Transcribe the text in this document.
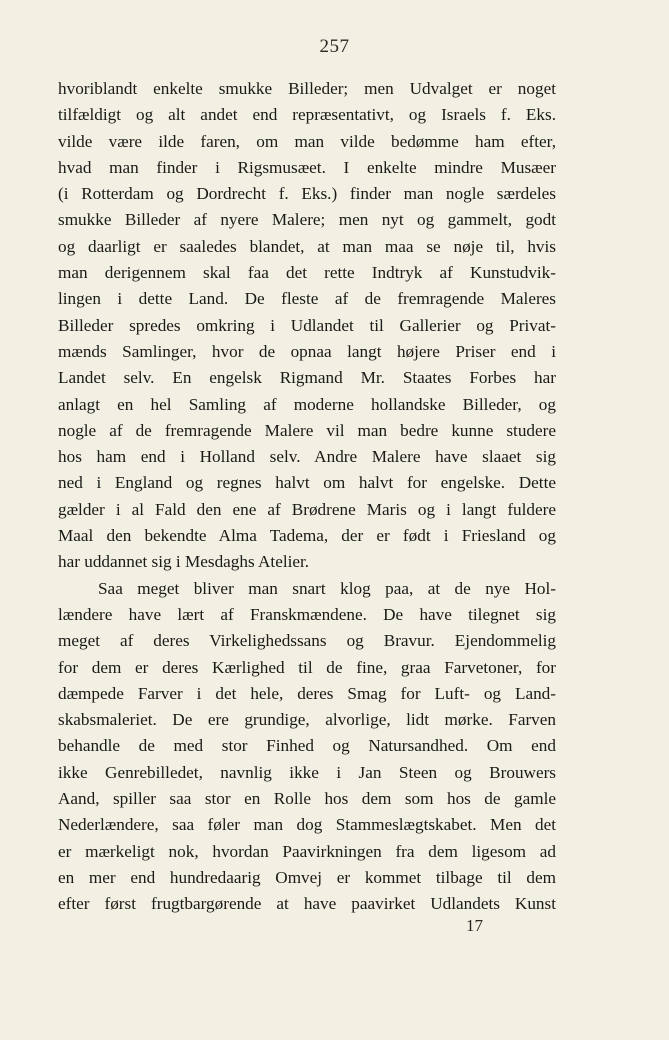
257
hvoriblandt enkelte smukke Billeder; men Udvalget er noget
tilfældigt og alt andet end repræsentativt, og Israels f. Eks.
vilde være ilde faren, om man vilde bedømme ham efter,
hvad man finder i Rigsmusæet. I enkelte mindre Musæer
(i Rotterdam og Dordrecht f. Eks.) finder man nogle særdeles
smukke Billeder af nyere Malere; men nyt og gammelt, godt
og daarligt er saaledes blandet, at man maa se nøje til, hvis
man derigennem skal faa det rette Indtryk af Kunstudvik-
lingen i dette Land. De fleste af de fremragende Maleres
Billeder spredes omkring i Udlandet til Gallerier og Privat-
mænds Samlinger, hvor de opnaa langt højere Priser end i
Landet selv. En engelsk Rigmand Mr. Staates Forbes har
anlagt en hel Samling af moderne hollandske Billeder, og
nogle af de fremragende Malere vil man bedre kunne studere
hos ham end i Holland selv. Andre Malere have slaaet sig
ned i England og regnes halvt om halvt for engelske. Dette
gælder i al Fald den ene af Brødrene Maris og i langt fuldere
Maal den bekendte Alma Tadema, der er født i Friesland og
har uddannet sig i Mesdaghs Atelier.
Saa meget bliver man snart klog paa, at de nye Hol-
lændere have lært af Franskmændene. De have tilegnet sig
meget af deres Virkelighedssans og Bravur. Ejendommelig
for dem er deres Kærlighed til de fine, graa Farvetoner, for
dæmpede Farver i det hele, deres Smag for Luft- og Land-
skabsmaleriet. De ere grundige, alvorlige, lidt mørke. Farven
behandle de med stor Finhed og Natursandhed. Om end
ikke Genrebilledet, navnlig ikke i Jan Steen og Brouwers
Aand, spiller saa stor en Rolle hos dem som hos de gamle
Nederlændere, saa føler man dog Stammeslægtskabet. Men det
er mærkeligt nok, hvordan Paavirkningen fra dem ligesom ad
en mer end hundredaarig Omvej er kommet tilbage til dem
efter først frugtbargørende at have paavirket Udlandets Kunst
17
